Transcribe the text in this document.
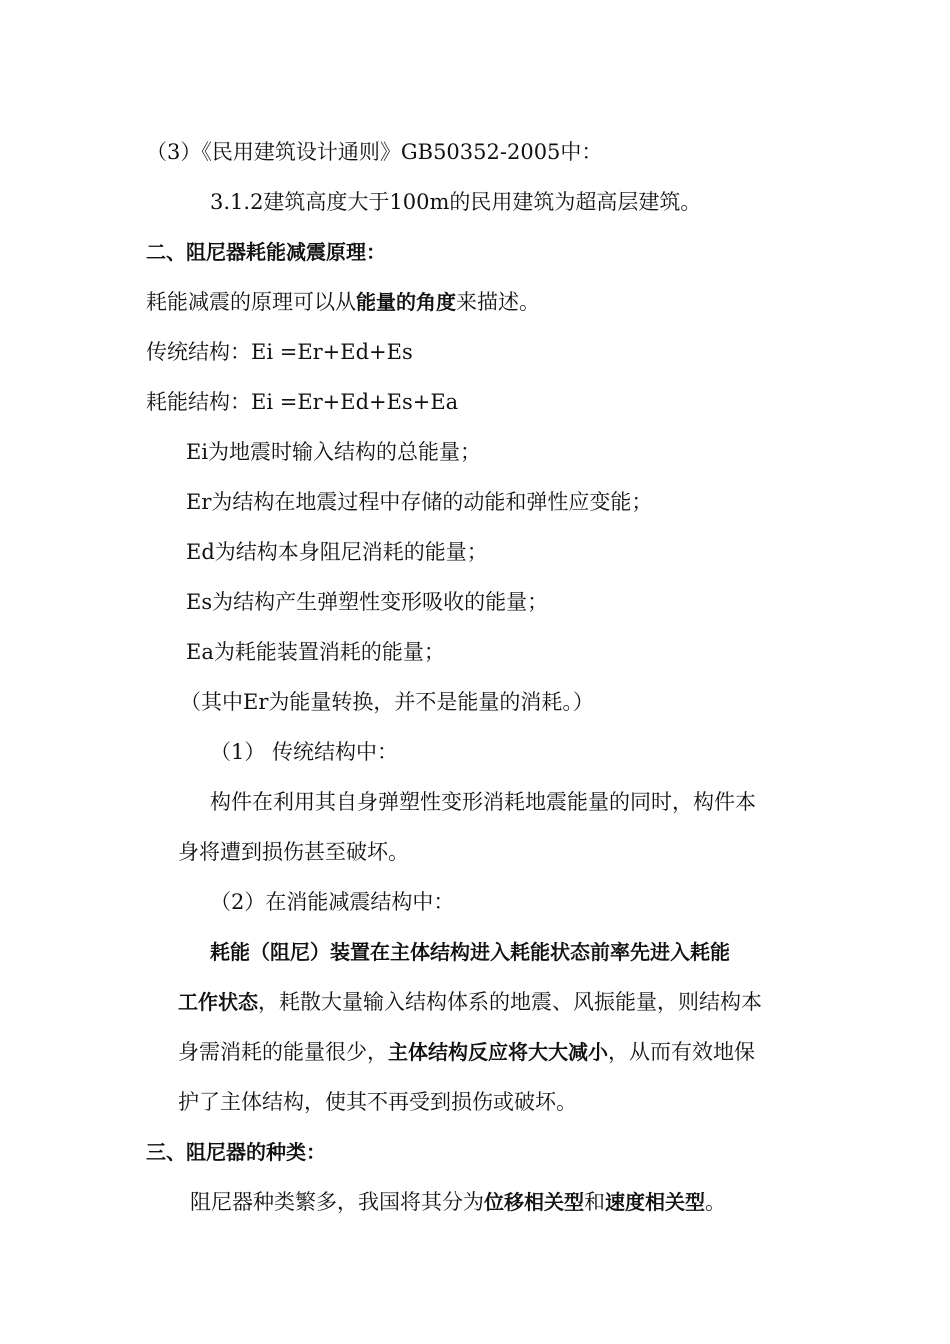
（3）《民用建筑设计通则》GB50352-2005中：
3.1.2建筑高度大于100m的民用建筑为超高层建筑。
二、阻尼器耗能减震原理：
耗能减震的原理可以从能量的角度来描述。
传统结构：Ei =Er+Ed+Es
耗能结构：Ei =Er+Ed+Es+Ea
Ei为地震时输入结构的总能量；
Er为结构在地震过程中存储的动能和弹性应变能；
Ed为结构本身阻尼消耗的能量；
Es为结构产生弹塑性变形吸收的能量；
Ea为耗能装置消耗的能量；
（其中Er为能量转换，并不是能量的消耗。）
（1） 传统结构中：
构件在利用其自身弹塑性变形消耗地震能量的同时，构件本
身将遭到损伤甚至破坏。
（2）在消能减震结构中：
耗能（阻尼）装置在主体结构进入耗能状态前率先进入耗能
工作状态，耗散大量输入结构体系的地震、风振能量，则结构本
身需消耗的能量很少，主体结构反应将大大减小，从而有效地保
护了主体结构，使其不再受到损伤或破坏。
三、阻尼器的种类：
阻尼器种类繁多，我国将其分为位移相关型和速度相关型。
